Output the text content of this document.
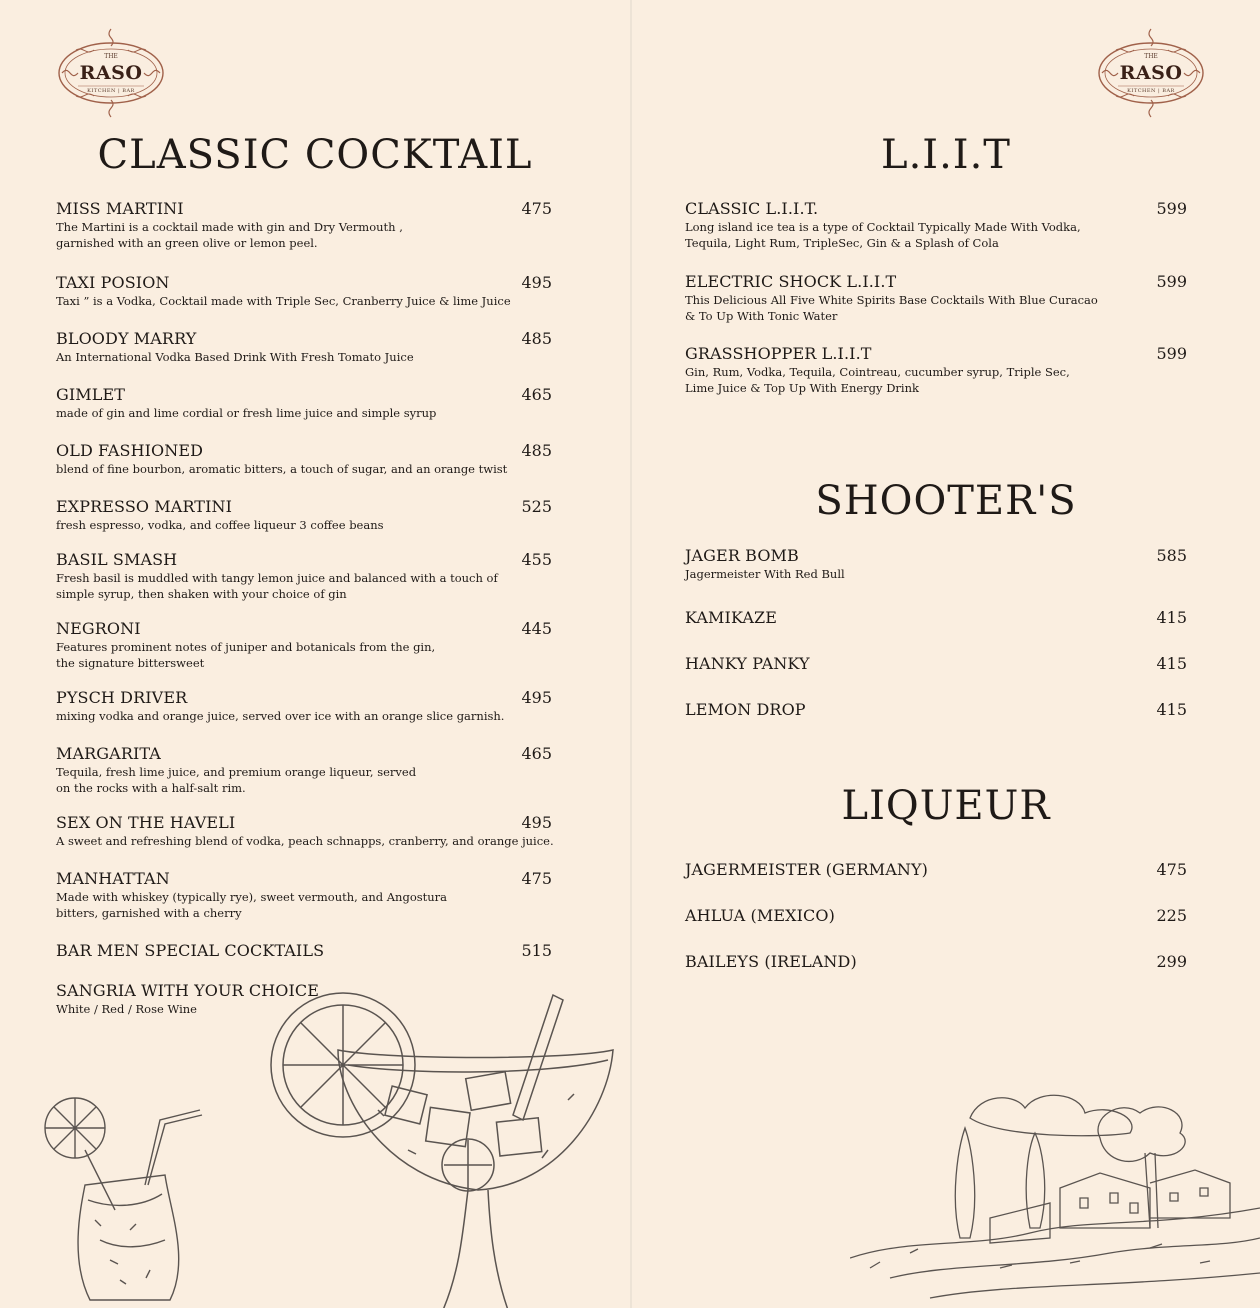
THE
RASO
KITCHEN | BAR
CLASSIC COCKTAIL
MISS MARTINI	475
The Martini is a cocktail made with gin and Dry Vermouth ,
garnished with an green olive or lemon peel.
TAXI POSION	495
Taxi ” is a Vodka, Cocktail made with Triple Sec, Cranberry Juice & lime Juice
BLOODY MARRY	485
An International Vodka Based Drink With Fresh Tomato Juice
GIMLET	465
made of gin and lime cordial or fresh lime juice and simple syrup
OLD FASHIONED	485
blend of fine bourbon, aromatic bitters, a touch of sugar, and an orange twist
EXPRESSO MARTINI	525
fresh espresso, vodka, and coffee liqueur 3 coffee beans
BASIL SMASH	455
Fresh basil is muddled with tangy lemon juice and balanced with a touch of
simple syrup, then shaken with your choice of gin
NEGRONI	445
Features prominent notes of juniper and botanicals from the gin,
the signature bittersweet
PYSCH DRIVER	495
mixing vodka and orange juice, served over ice with an orange slice garnish.
MARGARITA	465
Tequila, fresh lime juice, and premium orange liqueur, served
on the rocks with a half-salt rim.
SEX ON THE HAVELI	495
A sweet and refreshing blend of vodka, peach schnapps, cranberry, and orange juice.
MANHATTAN	475
Made with whiskey (typically rye), sweet vermouth, and Angostura
bitters, garnished with a cherry
BAR MEN SPECIAL COCKTAILS	515
SANGRIA WITH YOUR CHOICE
White / Red / Rose Wine
THE
RASO
KITCHEN | BAR
L.I.I.T
CLASSIC L.I.I.T.	599
Long island ice tea is a type of Cocktail Typically Made With Vodka,
Tequila, Light Rum, TripleSec, Gin & a Splash of Cola
ELECTRIC SHOCK L.I.I.T	599
This Delicious All Five White Spirits Base Cocktails With Blue Curacao
& To Up With Tonic Water
GRASSHOPPER L.I.I.T	599
Gin, Rum, Vodka, Tequila, Cointreau, cucumber syrup, Triple Sec,
Lime Juice & Top Up With Energy Drink
SHOOTER'S
JAGER BOMB	585
Jagermeister With Red Bull
KAMIKAZE	415
HANKY PANKY	415
LEMON DROP	415
LIQUEUR
JAGERMEISTER (GERMANY)	475
AHLUA (MEXICO)	225
BAILEYS (IRELAND)	299
